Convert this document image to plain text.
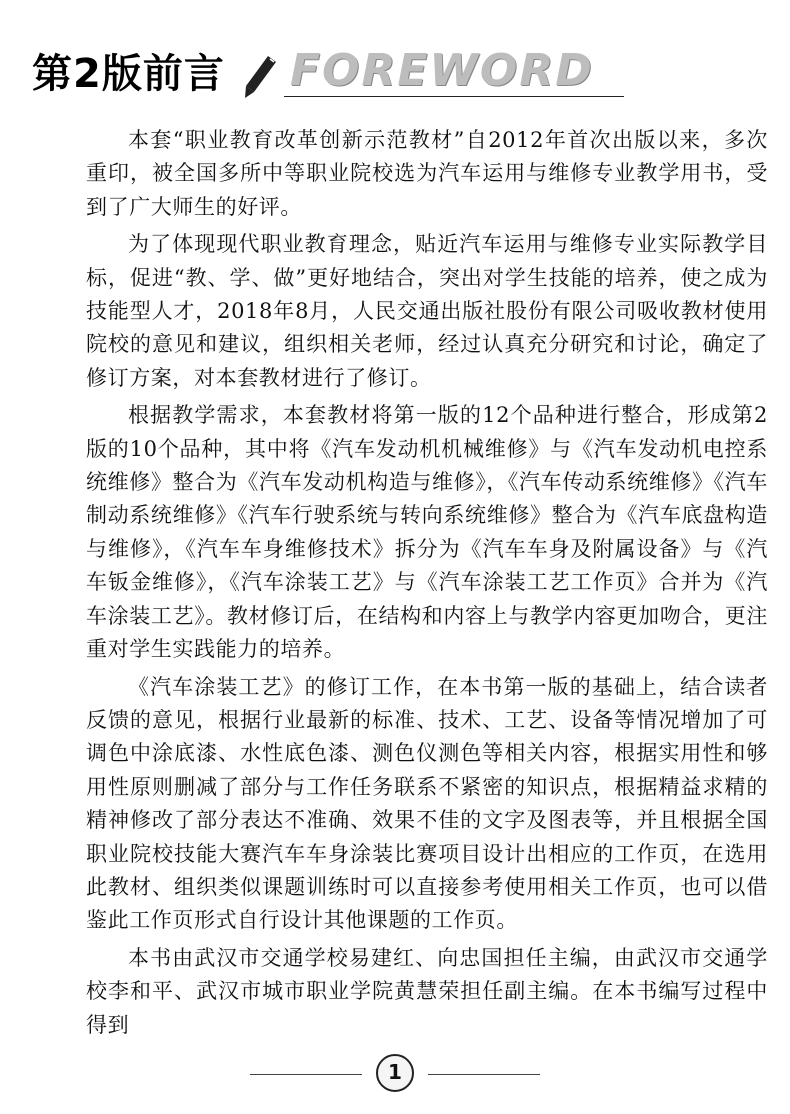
第2版前言 FOREWORD

本套“职业教育改革创新示范教材”自2012年首次出版以来，多次重印，被全国多所中等职业院校选为汽车运用与维修专业教学用书，受到了广大师生的好评。

为了体现现代职业教育理念，贴近汽车运用与维修专业实际教学目标，促进“教、学、做”更好地结合，突出对学生技能的培养，使之成为技能型人才，2018年8月，人民交通出版社股份有限公司吸收教材使用院校的意见和建议，组织相关老师，经过认真充分研究和讨论，确定了修订方案，对本套教材进行了修订。

根据教学需求，本套教材将第一版的12个品种进行整合，形成第2版的10个品种，其中将《汽车发动机机械维修》与《汽车发动机电控系统维修》整合为《汽车发动机构造与维修》，《汽车传动系统维修》《汽车制动系统维修》《汽车行驶系统与转向系统维修》整合为《汽车底盘构造与维修》，《汽车车身维修技术》拆分为《汽车车身及附属设备》与《汽车钣金维修》，《汽车涂装工艺》与《汽车涂装工艺工作页》合并为《汽车涂装工艺》。教材修订后，在结构和内容上与教学内容更加吻合，更注重对学生实践能力的培养。

《汽车涂装工艺》的修订工作，在本书第一版的基础上，结合读者反馈的意见，根据行业最新的标准、技术、工艺、设备等情况增加了可调色中涂底漆、水性底色漆、测色仪测色等相关内容，根据实用性和够用性原则删减了部分与工作任务联系不紧密的知识点，根据精益求精的精神修改了部分表达不准确、效果不佳的文字及图表等，并且根据全国职业院校技能大赛汽车车身涂装比赛项目设计出相应的工作页，在选用此教材、组织类似课题训练时可以直接参考使用相关工作页，也可以借鉴此工作页形式自行设计其他课题的工作页。

本书由武汉市交通学校易建红、向忠国担任主编，由武汉市交通学校李和平、武汉市城市职业学院黄慧荣担任副主编。在本书编写过程中得到

1
